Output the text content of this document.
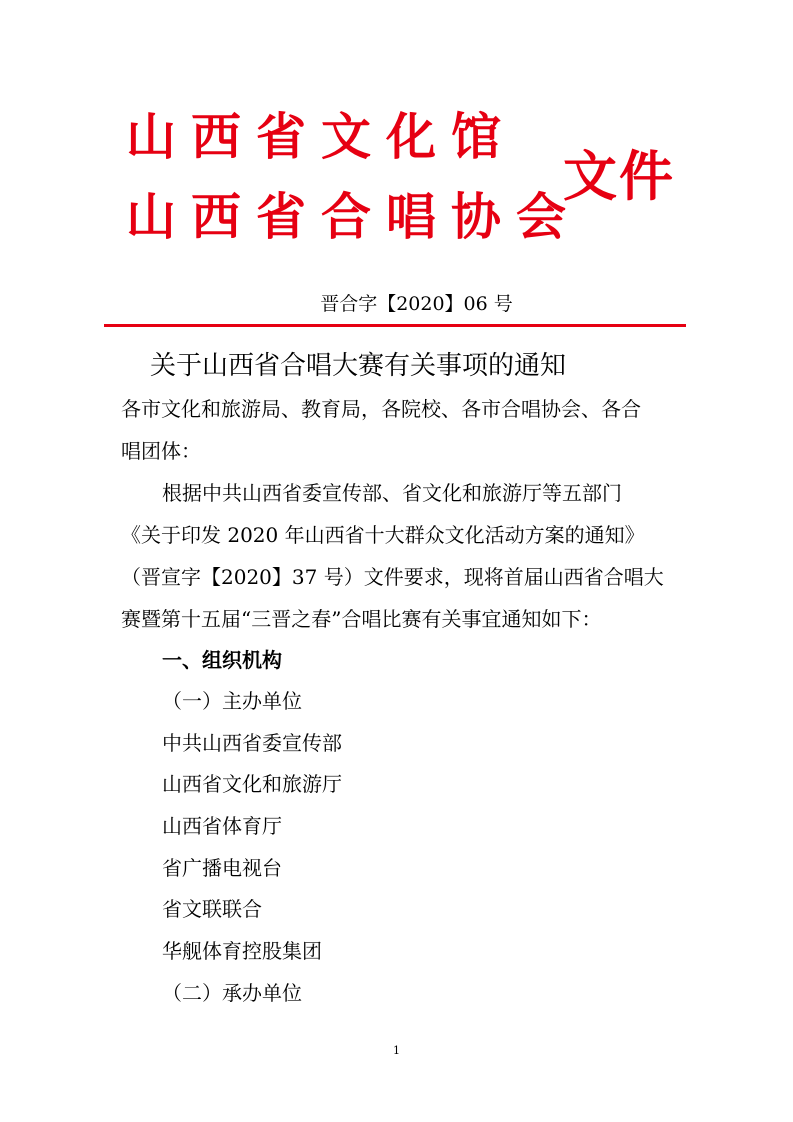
山西省文化馆
山西省合唱协会
文件
晋合字【2020】06 号
关于山西省合唱大赛有关事项的通知
各市文化和旅游局、教育局，各院校、各市合唱协会、各合
唱团体：
根据中共山西省委宣传部、省文化和旅游厅等五部门
《关于印发 2020 年山西省十大群众文化活动方案的通知》
（晋宣字【2020】37 号）文件要求，现将首届山西省合唱大
赛暨第十五届“三晋之春”合唱比赛有关事宜通知如下：
一、组织机构
（一）主办单位
中共山西省委宣传部
山西省文化和旅游厅
山西省体育厅
省广播电视台
省文联联合
华舰体育控股集团
（二）承办单位
1
